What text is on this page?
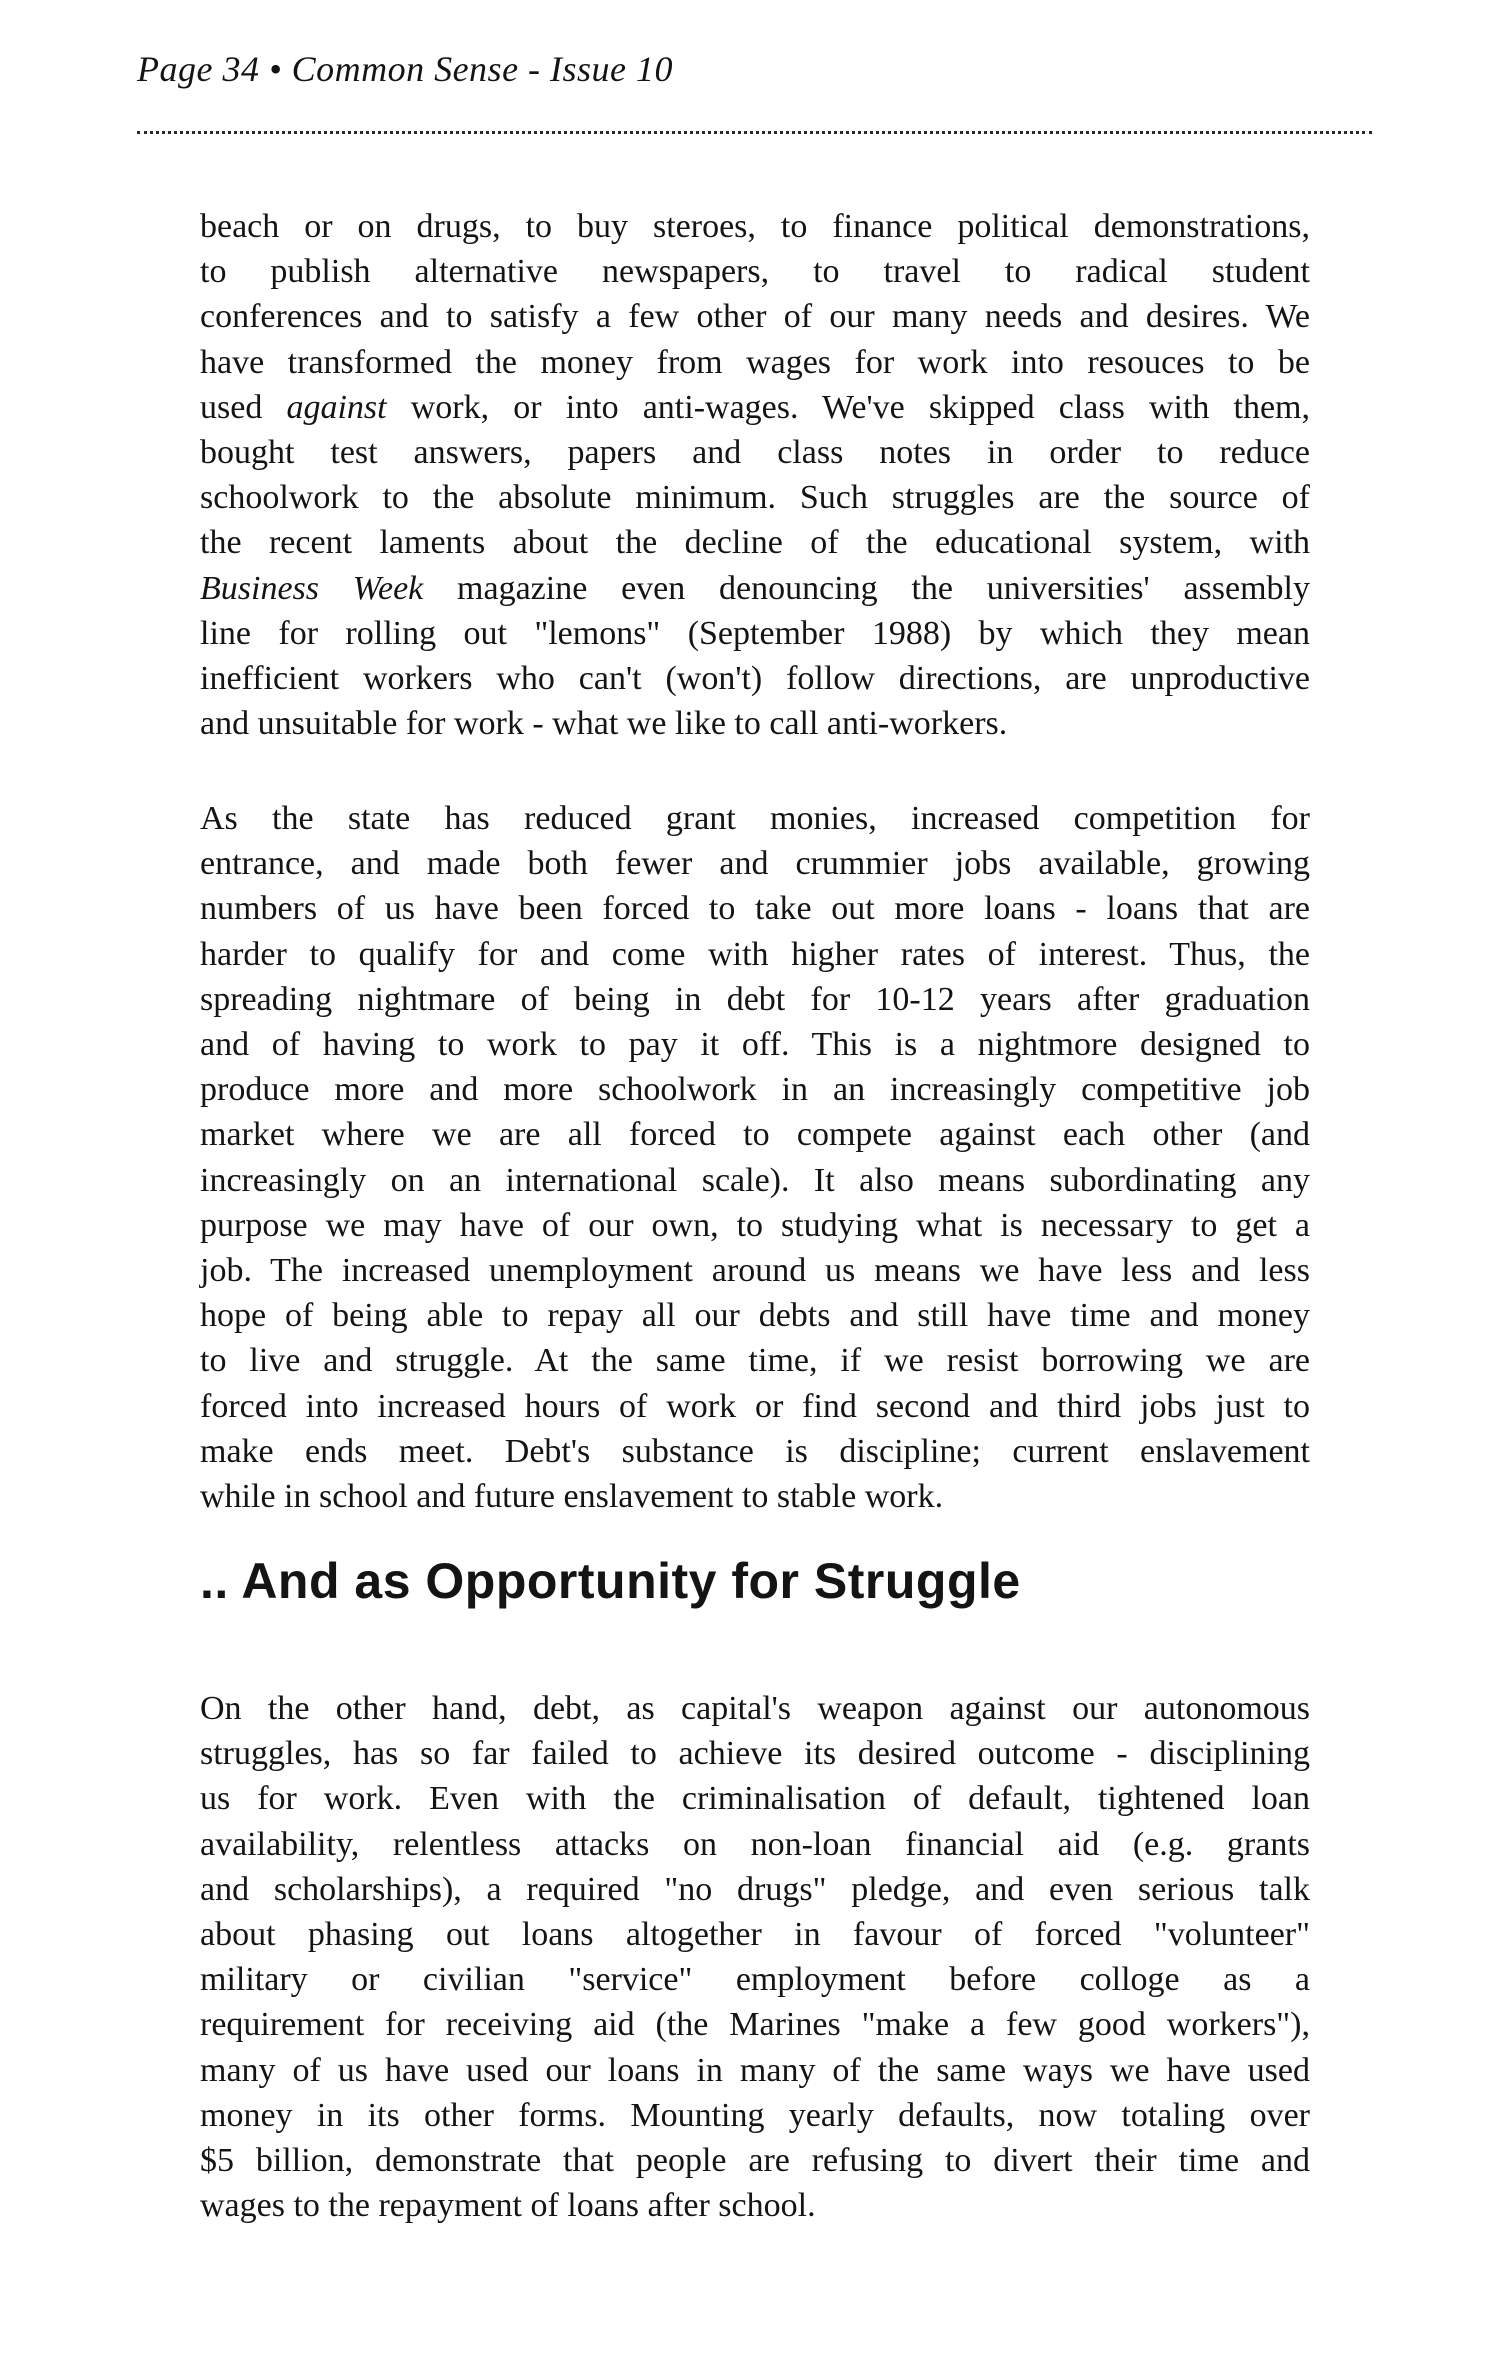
Page 34 • Common Sense - Issue 10
beach or on drugs, to buy steroes, to finance political demonstrations,
to publish alternative newspapers, to travel to radical student
conferences and to satisfy a few other of our many needs and desires. We
have transformed the money from wages for work into resouces to be
used against work, or into anti-wages. We've skipped class with them,
bought test answers, papers and class notes in order to reduce
schoolwork to the absolute minimum. Such struggles are the source of
the recent laments about the decline of the educational system, with
Business Week magazine even denouncing the universities' assembly
line for rolling out "lemons" (September 1988) by which they mean
inefficient workers who can't (won't) follow directions, are unproductive
and unsuitable for work - what we like to call anti-workers.
As the state has reduced grant monies, increased competition for
entrance, and made both fewer and crummier jobs available, growing
numbers of us have been forced to take out more loans - loans that are
harder to qualify for and come with higher rates of interest. Thus, the
spreading nightmare of being in debt for 10-12 years after graduation
and of having to work to pay it off. This is a nightmore designed to
produce more and more schoolwork in an increasingly competitive job
market where we are all forced to compete against each other (and
increasingly on an international scale). It also means subordinating any
purpose we may have of our own, to studying what is necessary to get a
job. The increased unemployment around us means we have less and less
hope of being able to repay all our debts and still have time and money
to live and struggle. At the same time, if we resist borrowing we are
forced into increased hours of work or find second and third jobs just to
make ends meet. Debt's substance is discipline; current enslavement
while in school and future enslavement to stable work.
.. And as Opportunity for Struggle
On the other hand, debt, as capital's weapon against our autonomous
struggles, has so far failed to achieve its desired outcome - disciplining
us for work. Even with the criminalisation of default, tightened loan
availability, relentless attacks on non-loan financial aid (e.g. grants
and scholarships), a required "no drugs" pledge, and even serious talk
about phasing out loans altogether in favour of forced "volunteer"
military or civilian "service" employment before colloge as a
requirement for receiving aid (the Marines "make a few good workers"),
many of us have used our loans in many of the same ways we have used
money in its other forms. Mounting yearly defaults, now totaling over
$5 billion, demonstrate that people are refusing to divert their time and
wages to the repayment of loans after school.
